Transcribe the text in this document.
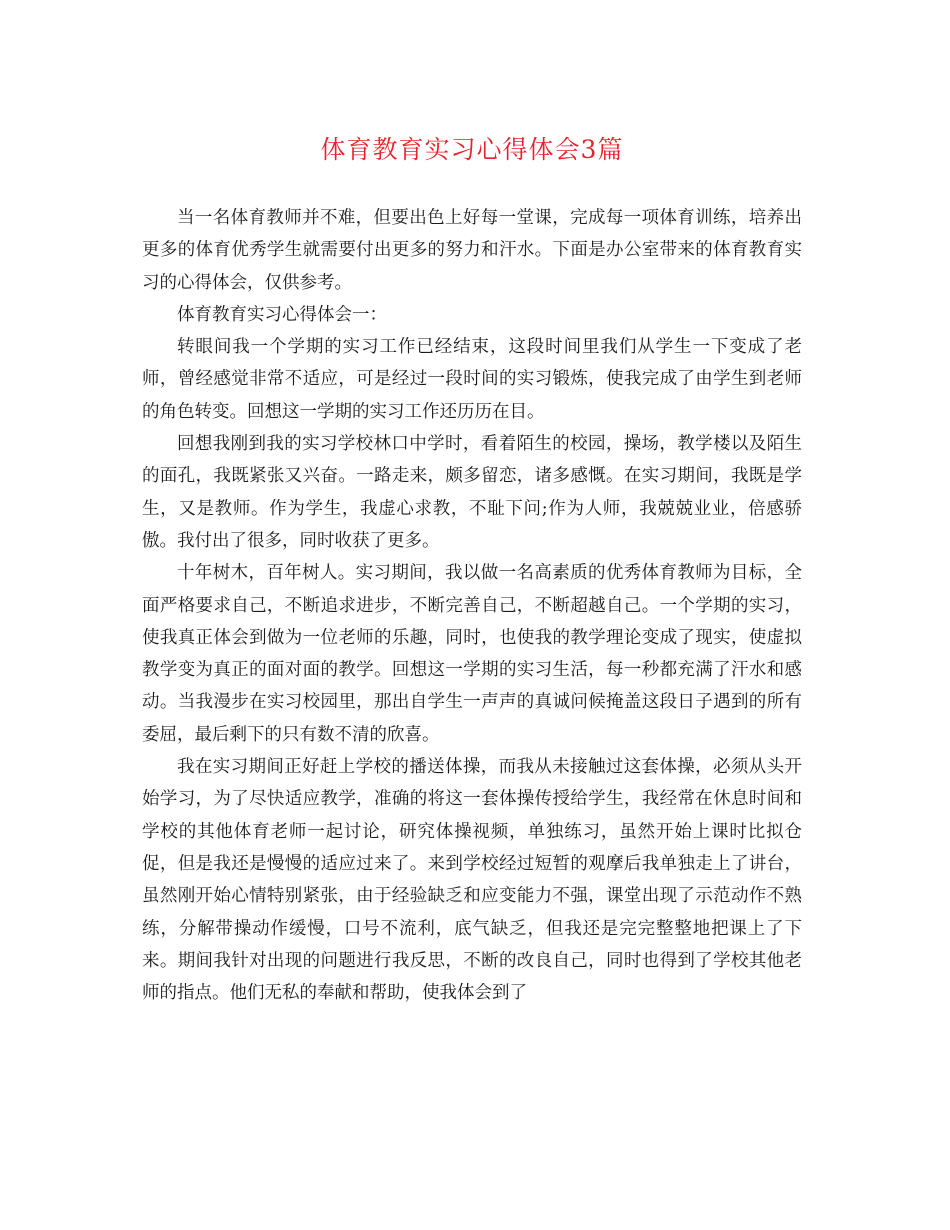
体育教育实习心得体会3篇

当一名体育教师并不难，但要出色上好每一堂课，完成每一项体育训练，培养出更多的体育优秀学生就需要付出更多的努力和汗水。下面是办公室带来的体育教育实习的心得体会，仅供参考。

体育教育实习心得体会一：

转眼间我一个学期的实习工作已经结束，这段时间里我们从学生一下变成了老师，曾经感觉非常不适应，可是经过一段时间的实习锻炼，使我完成了由学生到老师的角色转变。回想这一学期的实习工作还历历在目。

回想我刚到我的实习学校林口中学时，看着陌生的校园，操场，教学楼以及陌生的面孔，我既紧张又兴奋。一路走来，颇多留恋，诸多感慨。在实习期间，我既是学生，又是教师。作为学生，我虚心求教，不耻下问;作为人师，我兢兢业业，倍感骄傲。我付出了很多，同时收获了更多。

十年树木，百年树人。实习期间，我以做一名高素质的优秀体育教师为目标，全面严格要求自己，不断追求进步，不断完善自己，不断超越自己。一个学期的实习，使我真正体会到做为一位老师的乐趣，同时，也使我的教学理论变成了现实，使虚拟教学变为真正的面对面的教学。回想这一学期的实习生活，每一秒都充满了汗水和感动。当我漫步在实习校园里，那出自学生一声声的真诚问候掩盖这段日子遇到的所有委屈，最后剩下的只有数不清的欣喜。

我在实习期间正好赶上学校的播送体操，而我从未接触过这套体操，必须从头开始学习，为了尽快适应教学，准确的将这一套体操传授给学生，我经常在休息时间和学校的其他体育老师一起讨论，研究体操视频，单独练习，虽然开始上课时比拟仓促，但是我还是慢慢的适应过来了。来到学校经过短暂的观摩后我单独走上了讲台，虽然刚开始心情特别紧张，由于经验缺乏和应变能力不强，课堂出现了示范动作不熟练，分解带操动作缓慢，口号不流利，底气缺乏，但我还是完完整整地把课上了下来。期间我针对出现的问题进行我反思，不断的改良自己，同时也得到了学校其他老师的指点。他们无私的奉献和帮助，使我体会到了
